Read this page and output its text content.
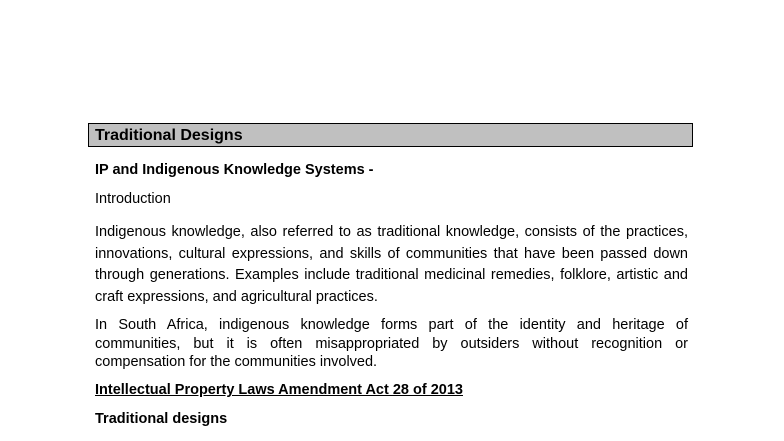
Traditional Designs
IP and Indigenous Knowledge Systems -
Introduction
Indigenous knowledge, also referred to as traditional knowledge, consists of the practices, innovations, cultural expressions, and skills of communities that have been passed down through generations. Examples include traditional medicinal remedies, folklore, artistic and craft expressions, and agricultural practices.
In South Africa, indigenous knowledge forms part of the identity and heritage of communities, but it is often misappropriated by outsiders without recognition or compensation for the communities involved.
Intellectual Property Laws Amendment Act 28 of 2013
Traditional designs
